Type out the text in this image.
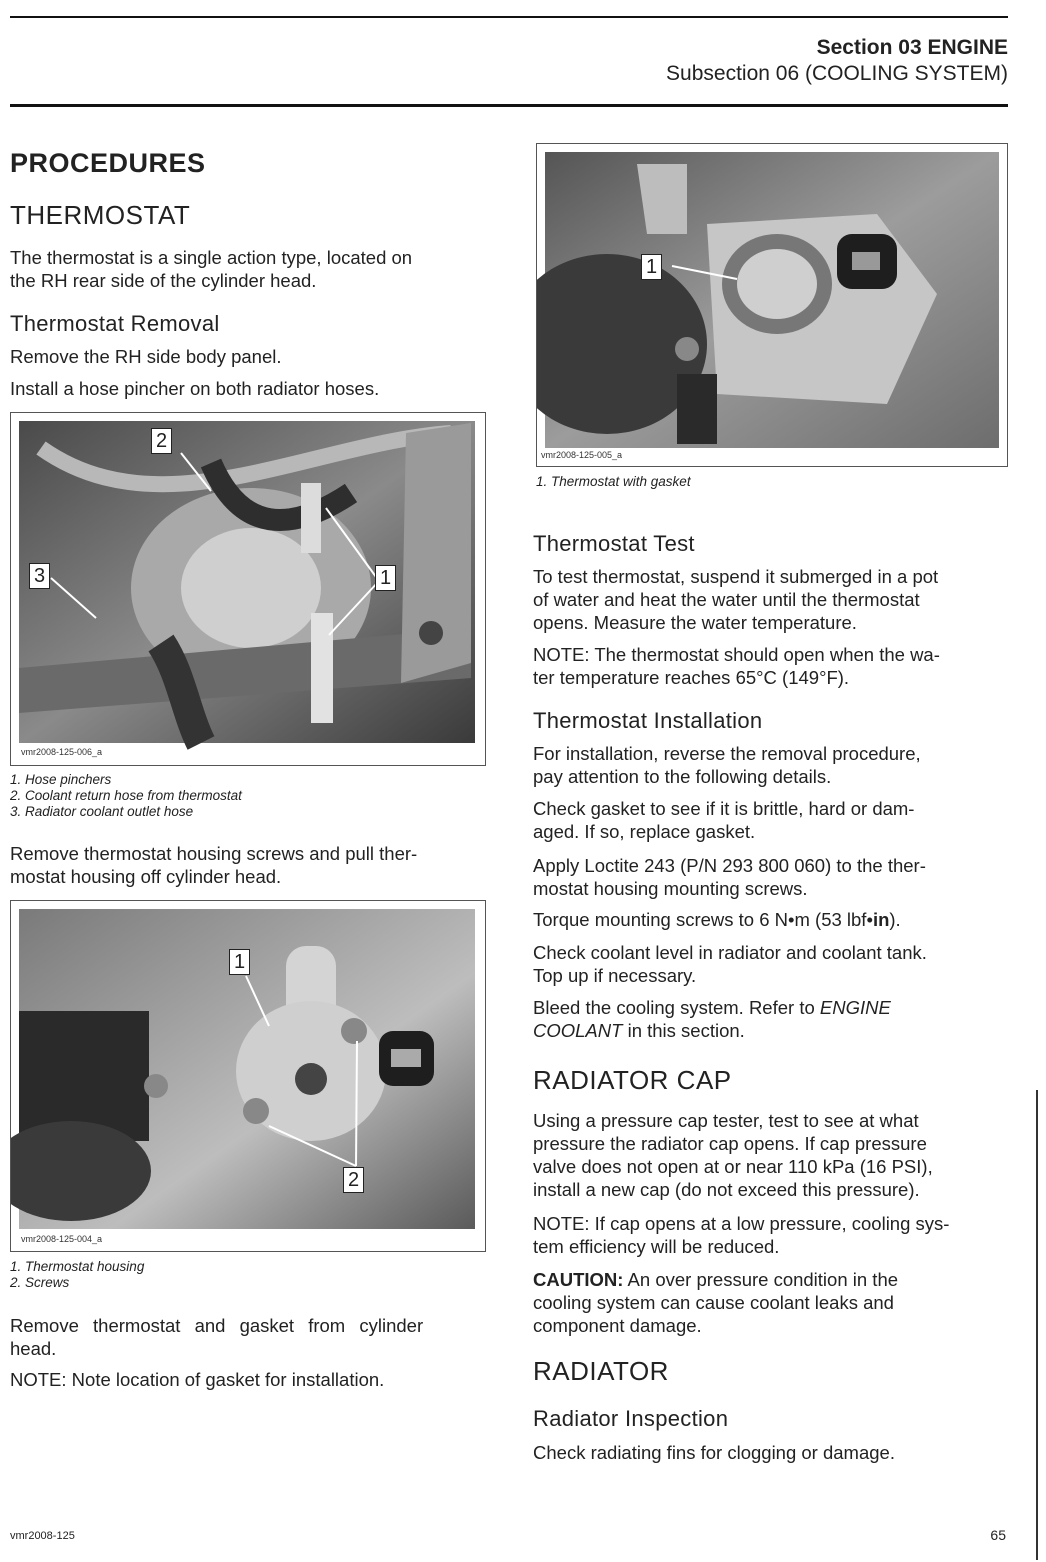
Section 03 ENGINE
Subsection 06 (COOLING SYSTEM)
PROCEDURES
THERMOSTAT
The thermostat is a single action type, located on
the RH rear side of the cylinder head.
Thermostat Removal
Remove the RH side body panel.
Install a hose pincher on both radiator hoses.
1
2
3
vmr2008-125-006_a
1. Hose pinchers
2. Coolant return hose from thermostat
3. Radiator coolant outlet hose
Remove thermostat housing screws and pull ther-
mostat housing off cylinder head.
1
2
vmr2008-125-004_a
1. Thermostat housing
2. Screws
Remove thermostat and gasket from cylinder
head.
NOTE: Note location of gasket for installation.
1
vmr2008-125-005_a
1. Thermostat with gasket
Thermostat Test
To test thermostat, suspend it submerged in a pot
of water and heat the water until the thermostat
opens. Measure the water temperature.
NOTE: The thermostat should open when the wa-
ter temperature reaches 65°C (149°F).
Thermostat Installation
For installation, reverse the removal procedure,
pay attention to the following details.
Check gasket to see if it is brittle, hard or dam-
aged. If so, replace gasket.
Apply Loctite 243 (P/N 293 800 060) to the ther-
mostat housing mounting screws.
Torque mounting screws to 6 N•m (53 lbf•in).
Check coolant level in radiator and coolant tank.
Top up if necessary.
Bleed the cooling system. Refer to ENGINE
COOLANT in this section.
RADIATOR CAP
Using a pressure cap tester, test to see at what
pressure the radiator cap opens. If cap pressure
valve does not open at or near 110 kPa (16 PSI),
install a new cap (do not exceed this pressure).
NOTE: If cap opens at a low pressure, cooling sys-
tem efficiency will be reduced.
CAUTION: An over pressure condition in the
cooling system can cause coolant leaks and
component damage.
RADIATOR
Radiator Inspection
Check radiating fins for clogging or damage.
vmr2008-125	65
